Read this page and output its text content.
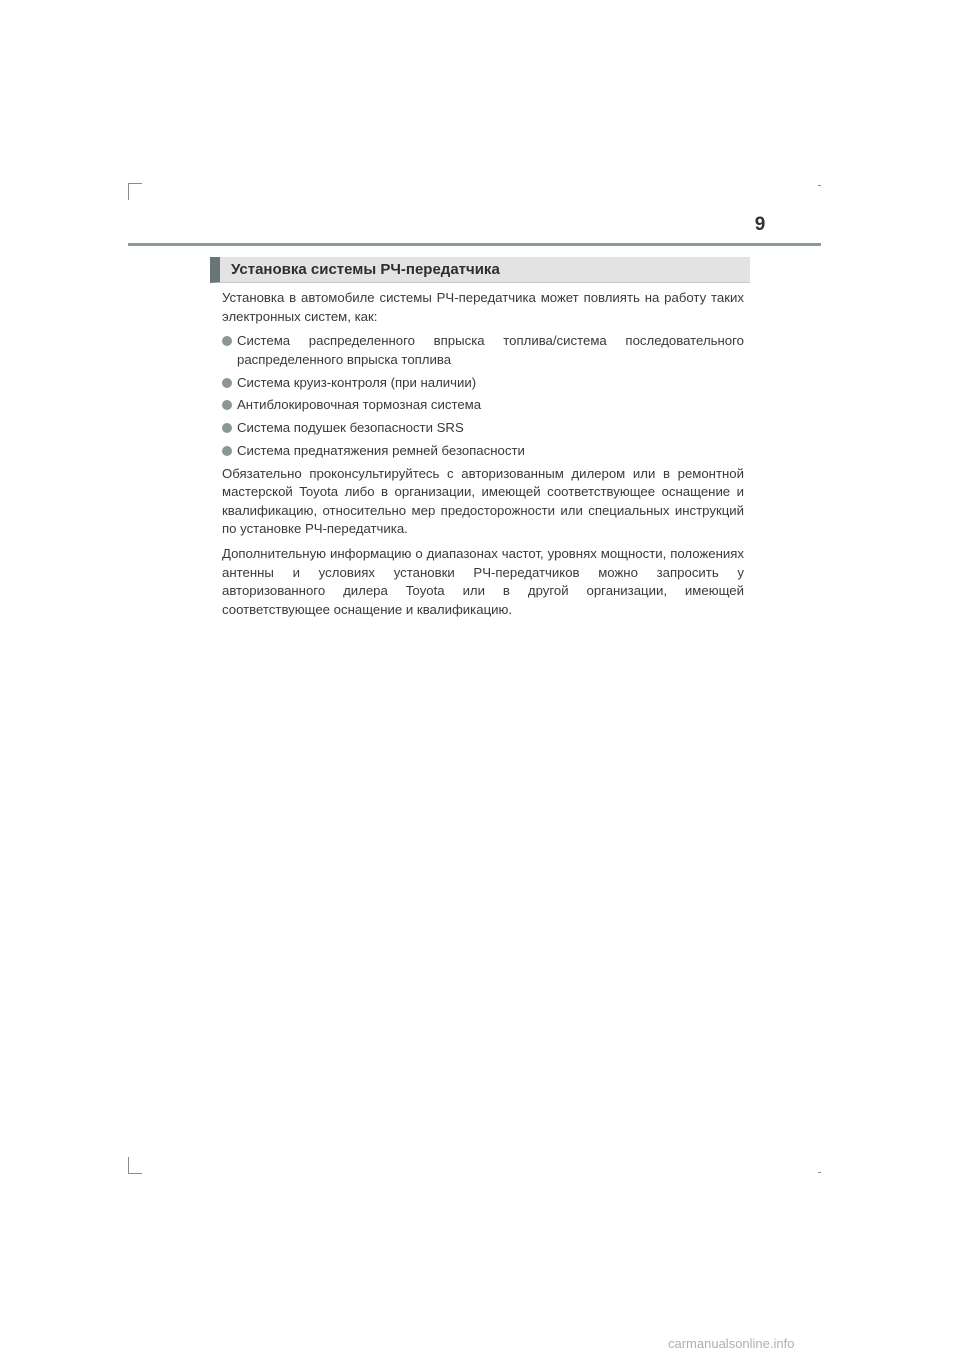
9
Установка системы РЧ-передатчика

Установка в автомобиле системы РЧ-передатчика может повлиять на работу таких электронных систем, как:

Система распределенного впрыска топлива/система последовательного распределенного впрыска топлива
Система круиз-контроля (при наличии)
Антиблокировочная тормозная система
Система подушек безопасности SRS
Система преднатяжения ремней безопасности

Обязательно проконсультируйтесь с авторизованным дилером или в ремонтной мастерской Toyota либо в организации, имеющей соответствующее оснащение и квалификацию, относительно мер предосторожности или специальных инструкций по установке РЧ-передатчика.

Дополнительную информацию о диапазонах частот, уровнях мощности, положениях антенны и условиях установки РЧ-передатчиков можно запросить у авторизованного дилера Toyota или в другой организации, имеющей соответствующее оснащение и квалификацию.

carmanualsonline.info
